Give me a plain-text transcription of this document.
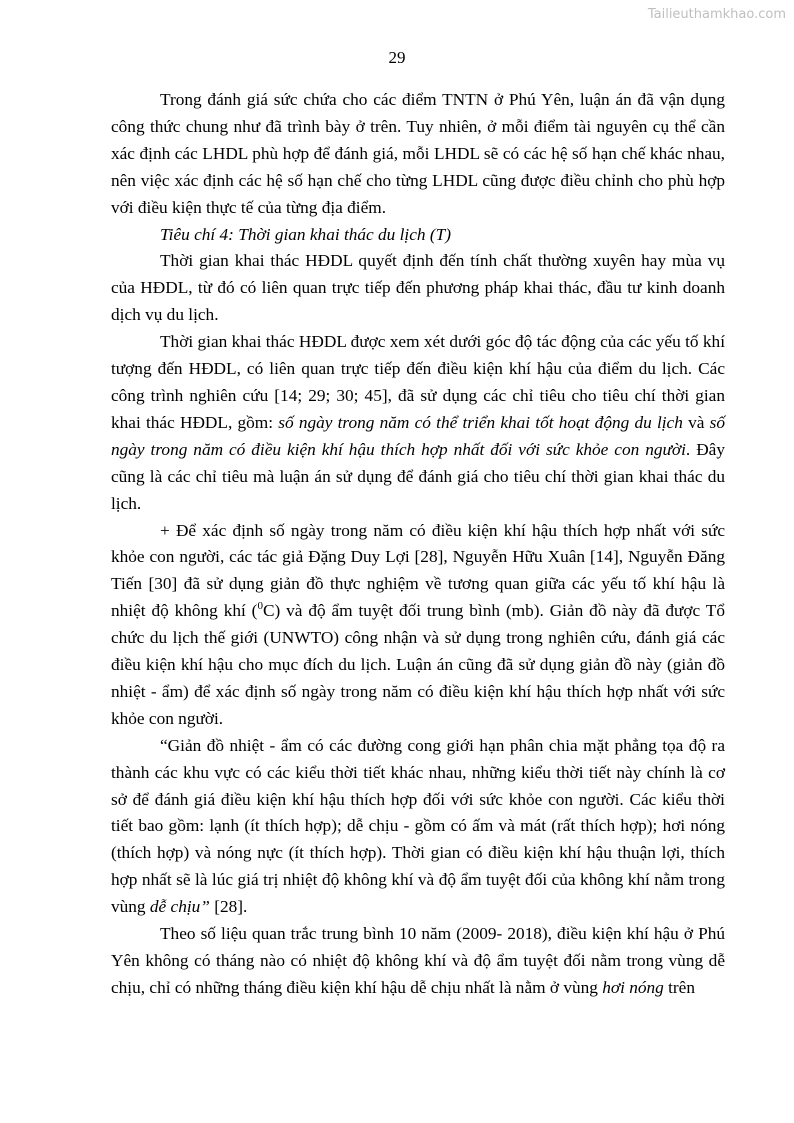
Tailieuthamkhao.com
29

Trong đánh giá sức chứa cho các điểm TNTN ở Phú Yên, luận án đã vận dụng công thức chung như đã trình bày ở trên. Tuy nhiên, ở mỗi điểm tài nguyên cụ thể cần xác định các LHDL phù hợp để đánh giá, mỗi LHDL sẽ có các hệ số hạn chế khác nhau, nên việc xác định các hệ số hạn chế cho từng LHDL cũng được điều chỉnh cho phù hợp với điều kiện thực tế của từng địa điểm.

Tiêu chí 4: Thời gian khai thác du lịch (T)

Thời gian khai thác HĐDL quyết định đến tính chất thường xuyên hay mùa vụ của HĐDL, từ đó có liên quan trực tiếp đến phương pháp khai thác, đầu tư kinh doanh dịch vụ du lịch.

Thời gian khai thác HĐDL được xem xét dưới góc độ tác động của các yếu tố khí tượng đến HĐDL, có liên quan trực tiếp đến điều kiện khí hậu của điểm du lịch. Các công trình nghiên cứu [14; 29; 30; 45], đã sử dụng các chỉ tiêu cho tiêu chí thời gian khai thác HĐDL, gồm: số ngày trong năm có thể triển khai tốt hoạt động du lịch và số ngày trong năm có điều kiện khí hậu thích hợp nhất đối với sức khỏe con người. Đây cũng là các chỉ tiêu mà luận án sử dụng để đánh giá cho tiêu chí thời gian khai thác du lịch.

+ Để xác định số ngày trong năm có điều kiện khí hậu thích hợp nhất với sức khỏe con người, các tác giả Đặng Duy Lợi [28], Nguyễn Hữu Xuân [14], Nguyễn Đăng Tiến [30] đã sử dụng giản đồ thực nghiệm về tương quan giữa các yếu tố khí hậu là nhiệt độ không khí ($^0$C) và độ ẩm tuyệt đối trung bình (mb). Giản đồ này đã được Tổ chức du lịch thế giới (UNWTO) công nhận và sử dụng trong nghiên cứu, đánh giá các điều kiện khí hậu cho mục đích du lịch. Luận án cũng đã sử dụng giản đồ này (giản đồ nhiệt - ẩm) để xác định số ngày trong năm có điều kiện khí hậu thích hợp nhất với sức khỏe con người.

“Giản đồ nhiệt - ẩm có các đường cong giới hạn phân chia mặt phẳng tọa độ ra thành các khu vực có các kiểu thời tiết khác nhau, những kiểu thời tiết này chính là cơ sở để đánh giá điều kiện khí hậu thích hợp đối với sức khỏe con người. Các kiểu thời tiết bao gồm: lạnh (ít thích hợp); dễ chịu - gồm có ấm và mát (rất thích hợp); hơi nóng (thích hợp) và nóng nực (ít thích hợp). Thời gian có điều kiện khí hậu thuận lợi, thích hợp nhất sẽ là lúc giá trị nhiệt độ không khí và độ ẩm tuyệt đối của không khí nằm trong vùng dễ chịu” [28].

Theo số liệu quan trắc trung bình 10 năm (2009- 2018), điều kiện khí hậu ở Phú Yên không có tháng nào có nhiệt độ không khí và độ ẩm tuyệt đối nằm trong vùng dễ chịu, chỉ có những tháng điều kiện khí hậu dễ chịu nhất là nằm ở vùng hơi nóng trên
